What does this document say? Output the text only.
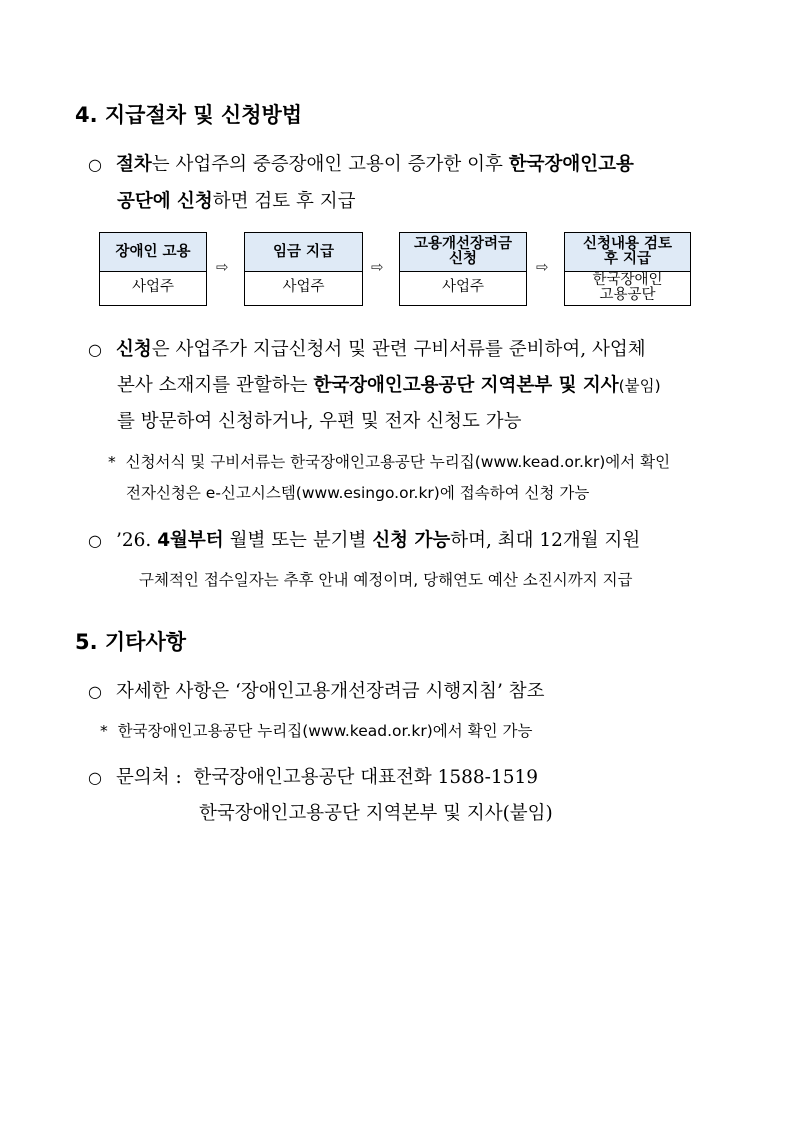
4. 지급절차 및 신청방법
○ 절차는 사업주의 중증장애인 고용이 증가한 이후 한국장애인고용
공단에 신청하면 검토 후 지급
장애인 고용
사업주
⇨
임금 지급
사업주
⇨
고용개선장려금 신청
사업주
⇨
신청내용 검토 후 지급
한국장애인 고용공단
○ 신청은 사업주가 지급신청서 및 관련 구비서류를 준비하여, 사업체
본사 소재지를 관할하는 한국장애인고용공단 지역본부 및 지사(붙임)
를 방문하여 신청하거나, 우편 및 전자 신청도 가능
* 신청서식 및 구비서류는 한국장애인고용공단 누리집(www.kead.or.kr)에서 확인
전자신청은 e-신고시스템(www.esingo.or.kr)에 접속하여 신청 가능
○ ’26. 4월부터 월별 또는 분기별 신청 가능하며, 최대 12개월 지원
구체적인 접수일자는 추후 안내 예정이며, 당해연도 예산 소진시까지 지급
5. 기타사항
○ 자세한 사항은 ‘장애인고용개선장려금 시행지침’ 참조
* 한국장애인고용공단 누리집(www.kead.or.kr)에서 확인 가능
○ 문의처 : 한국장애인고용공단 대표전화 1588-1519
한국장애인고용공단 지역본부 및 지사(붙임)
